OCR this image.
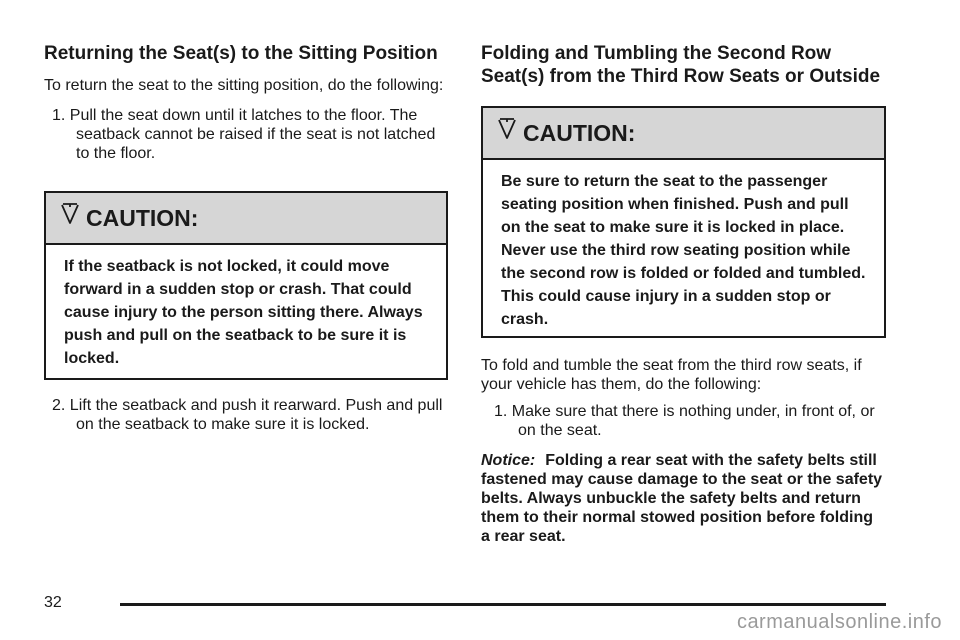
Returning the Seat(s) to the Sitting Position

To return the seat to the sitting position, do the following:

1. Pull the seat down until it latches to the floor. The seatback cannot be raised if the seat is not latched to the floor.

CAUTION:
If the seatback is not locked, it could move forward in a sudden stop or crash. That could cause injury to the person sitting there. Always push and pull on the seatback to be sure it is locked.

2. Lift the seatback and push it rearward. Push and pull on the seatback to make sure it is locked.

Folding and Tumbling the Second Row Seat(s) from the Third Row Seats or Outside
CAUTION:
Be sure to return the seat to the passenger seating position when finished. Push and pull on the seat to make sure it is locked in place. Never use the third row seating position while the second row is folded or folded and tumbled. This could cause injury in a sudden stop or crash.

To fold and tumble the seat from the third row seats, if your vehicle has them, do the following:

1. Make sure that there is nothing under, in front of, or on the seat.

Notice: Folding a rear seat with the safety belts still fastened may cause damage to the seat or the safety belts. Always unbuckle the safety belts and return them to their normal stowed position before folding a rear seat.

32
carmanualsonline.info
